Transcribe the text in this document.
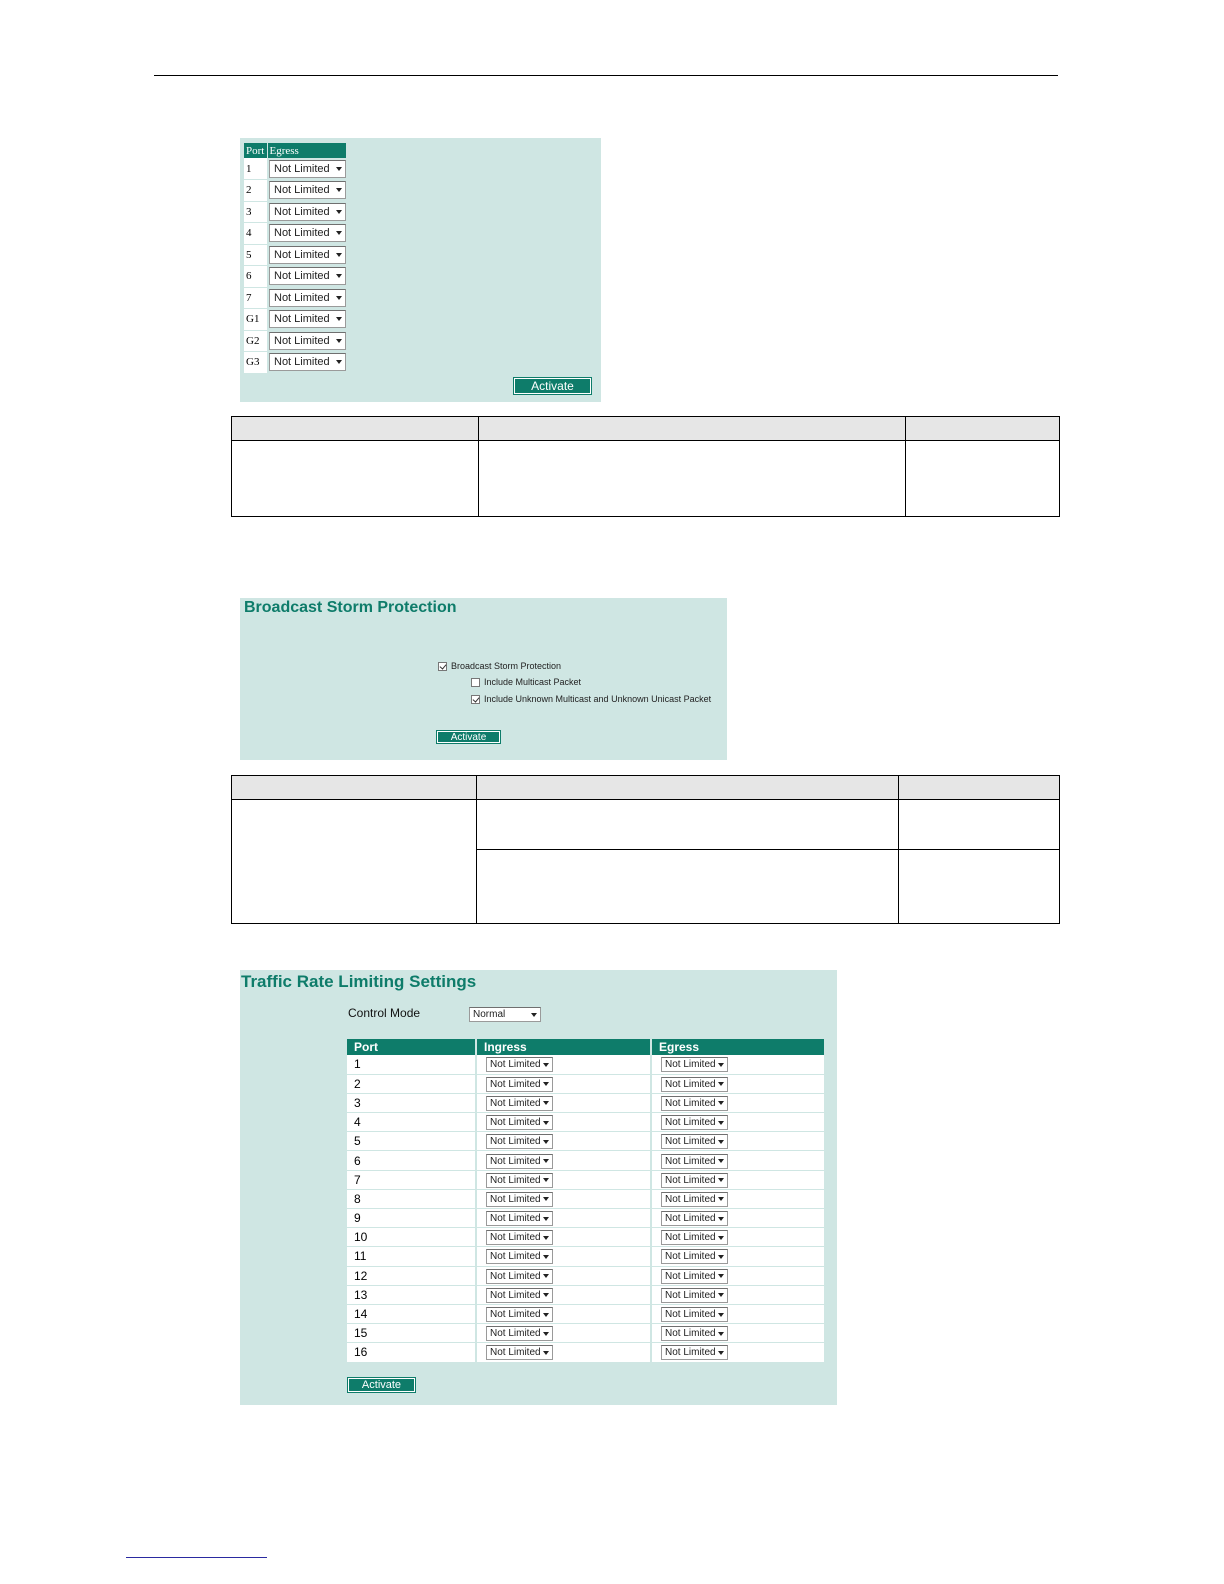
Port	Egress
1	Not Limited

2	Not Limited

3	Not Limited

4	Not Limited

5	Not Limited

6	Not Limited

7	Not Limited

G1	Not Limited

G2	Not Limited

G3	Not Limited
Activate

Broadcast Storm Protection
Broadcast Storm Protection
Include Multicast Packet
Include Unknown Multicast and Unknown Unicast Packet
Activate

Traffic Rate Limiting Settings
Control Mode	Normal
Port	Ingress	Egress
1	Not Limited	Not Limited

2	Not Limited	Not Limited

3	Not Limited	Not Limited

4	Not Limited	Not Limited

5	Not Limited	Not Limited

6	Not Limited	Not Limited

7	Not Limited	Not Limited

8	Not Limited	Not Limited

9	Not Limited	Not Limited

10	Not Limited	Not Limited

11	Not Limited	Not Limited

12	Not Limited	Not Limited

13	Not Limited	Not Limited

14	Not Limited	Not Limited

15	Not Limited	Not Limited

16	Not Limited	Not Limited
Activate
